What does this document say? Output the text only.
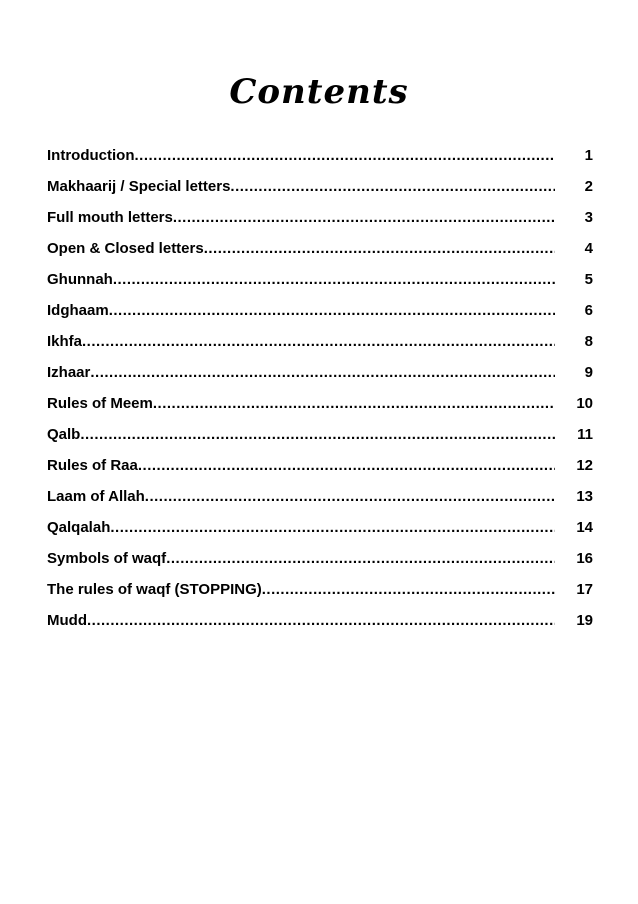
Contents
Introduction .....	1
Makhaarij / Special letters .....	2
Full mouth letters .....	3
Open & Closed letters .....	4
Ghunnah .....	5
Idghaam .....	6
Ikhfa .....	8
Izhaar .....	9
Rules of Meem .....	10
Qalb .....	11
Rules of Raa .....	12
Laam of Allah .....	13
Qalqalah .....	14
Symbols of waqf .....	16
The rules of waqf (STOPPING) .....	17
Mudd .....	19
